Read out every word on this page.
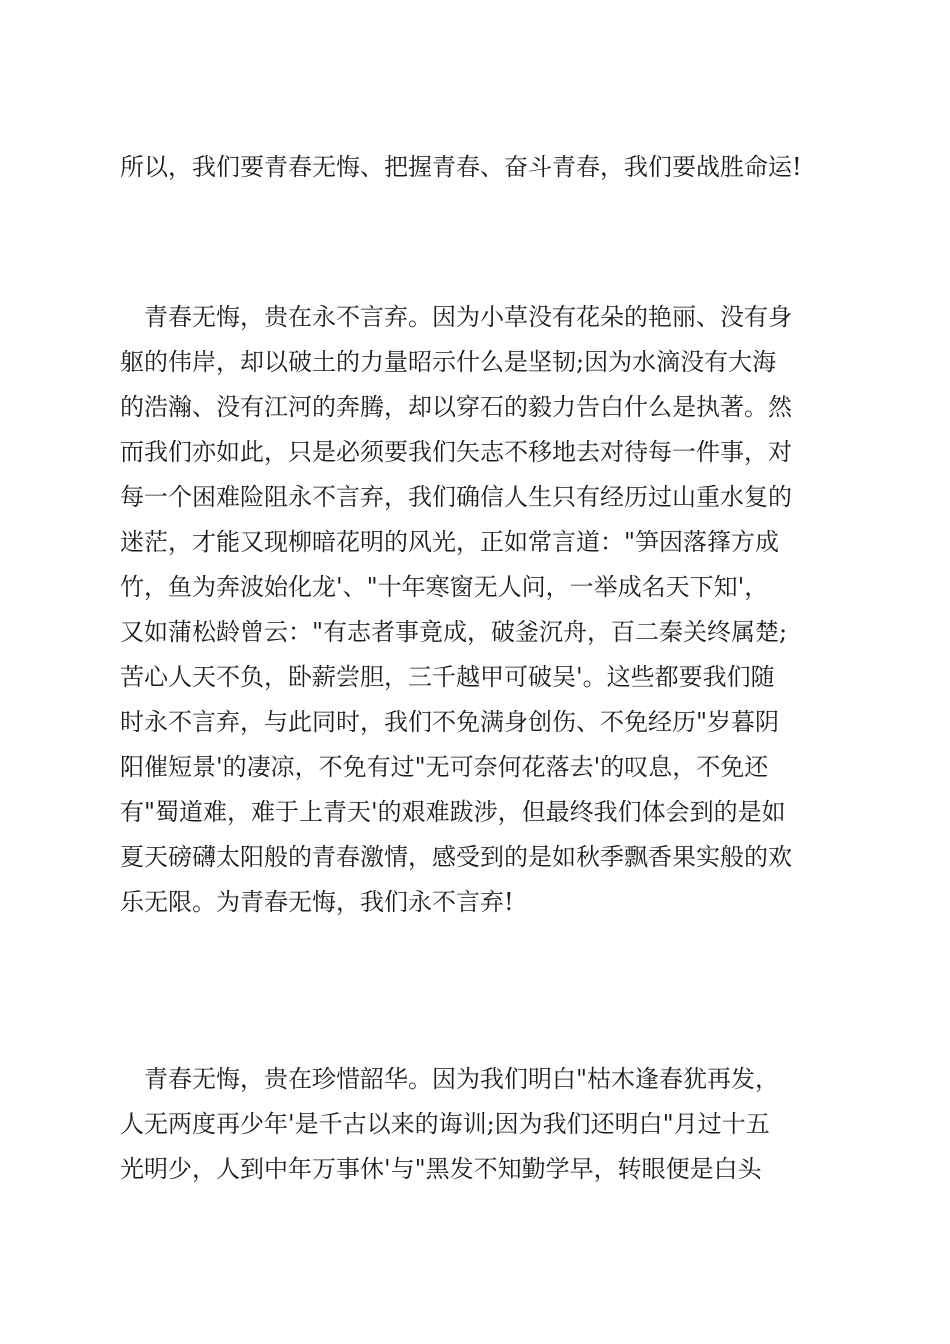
所以，我们要青春无悔、把握青春、奋斗青春，我们要战胜命运!
　青春无悔，贵在永不言弃。因为小草没有花朵的艳丽、没有身
躯的伟岸，却以破土的力量昭示什么是坚韧;因为水滴没有大海
的浩瀚、没有江河的奔腾，却以穿石的毅力告白什么是执著。然
而我们亦如此，只是必须要我们矢志不移地去对待每一件事，对
每一个困难险阻永不言弃，我们确信人生只有经历过山重水复的
迷茫，才能又现柳暗花明的风光，正如常言道："笋因落箨方成
竹，鱼为奔波始化龙'、"十年寒窗无人问，一举成名天下知'，
又如蒲松龄曾云："有志者事竟成，破釜沉舟，百二秦关终属楚;
苦心人天不负，卧薪尝胆，三千越甲可破吴'。这些都要我们随
时永不言弃，与此同时，我们不免满身创伤、不免经历"岁暮阴
阳催短景'的凄凉，不免有过"无可奈何花落去'的叹息，不免还
有"蜀道难，难于上青天'的艰难跋涉，但最终我们体会到的是如
夏天磅礴太阳般的青春激情，感受到的是如秋季飘香果实般的欢
乐无限。为青春无悔，我们永不言弃!
　青春无悔，贵在珍惜韶华。因为我们明白"枯木逢春犹再发，
人无两度再少年'是千古以来的诲训;因为我们还明白"月过十五
光明少，人到中年万事休'与"黑发不知勤学早，转眼便是白头
